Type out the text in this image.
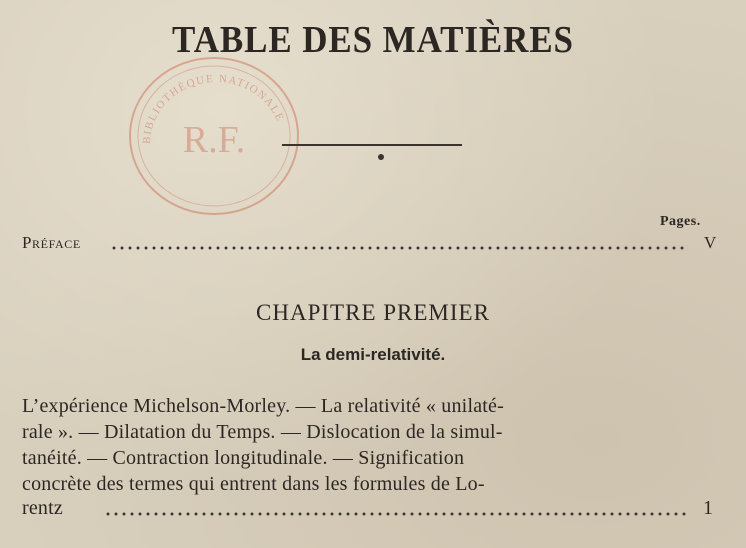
TABLE DES MATIÈRES
BIBLIOTHÈQUE NATIONALE
R.F.
Pages.
Préface	V
CHAPITRE PREMIER
La demi-relativité.
L’expérience Michelson-Morley. — La relativité « unilaté-
rale ». — Dilatation du Temps. — Dislocation de la simul-
tanéité. — Contraction longitudinale. — Signification
concrète des termes qui entrent dans les formules de Lo-
rentz	1
